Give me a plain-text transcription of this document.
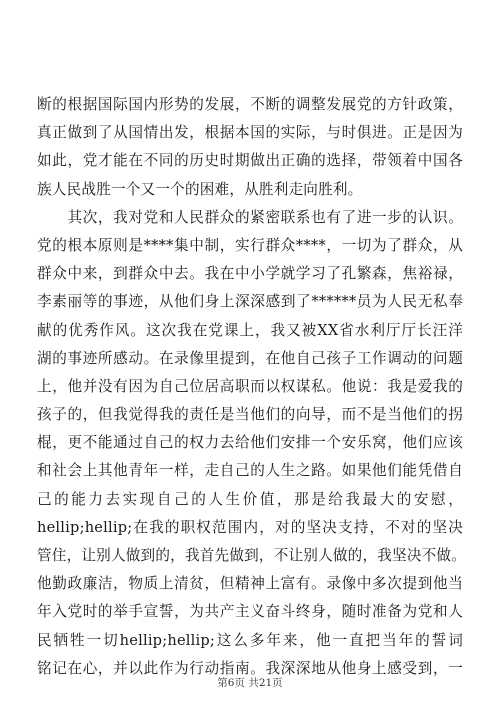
断的根据国际国内形势的发展，不断的调整发展党的方针政策，
真正做到了从国情出发，根据本国的实际，与时俱进。正是因为
如此，党才能在不同的历史时期做出正确的选择，带领着中国各
族人民战胜一个又一个的困难，从胜利走向胜利。
　　其次，我对党和人民群众的紧密联系也有了进一步的认识。
党的根本原则是****集中制，实行群众****，一切为了群众，从
群众中来，到群众中去。我在中小学就学习了孔繁森，焦裕禄，
李素丽等的事迹，从他们身上深深感到了******员为人民无私奉
献的优秀作风。这次我在党课上，我又被XX省水利厅厅长汪洋
湖的事迹所感动。在录像里提到，在他自己孩子工作调动的问题
上，他并没有因为自己位居高职而以权谋私。他说：我是爱我的
孩子的，但我觉得我的责任是当他们的向导，而不是当他们的拐
棍，更不能通过自己的权力去给他们安排一个安乐窝，他们应该
和社会上其他青年一样，走自己的人生之路。如果他们能凭借自
己的能力去实现自己的人生价值，那是给我最大的安慰，
hellip;hellip;在我的职权范围内，对的坚决支持，不对的坚决
管住，让别人做到的，我首先做到，不让别人做的，我坚决不做。
他勤政廉洁，物质上清贫，但精神上富有。录像中多次提到他当
年入党时的举手宣誓，为共产主义奋斗终身，随时准备为党和人
民牺牲一切hellip;hellip;这么多年来，他一直把当年的誓词
铭记在心，并以此作为行动指南。我深深地从他身上感受到，一
第6页 共21页
